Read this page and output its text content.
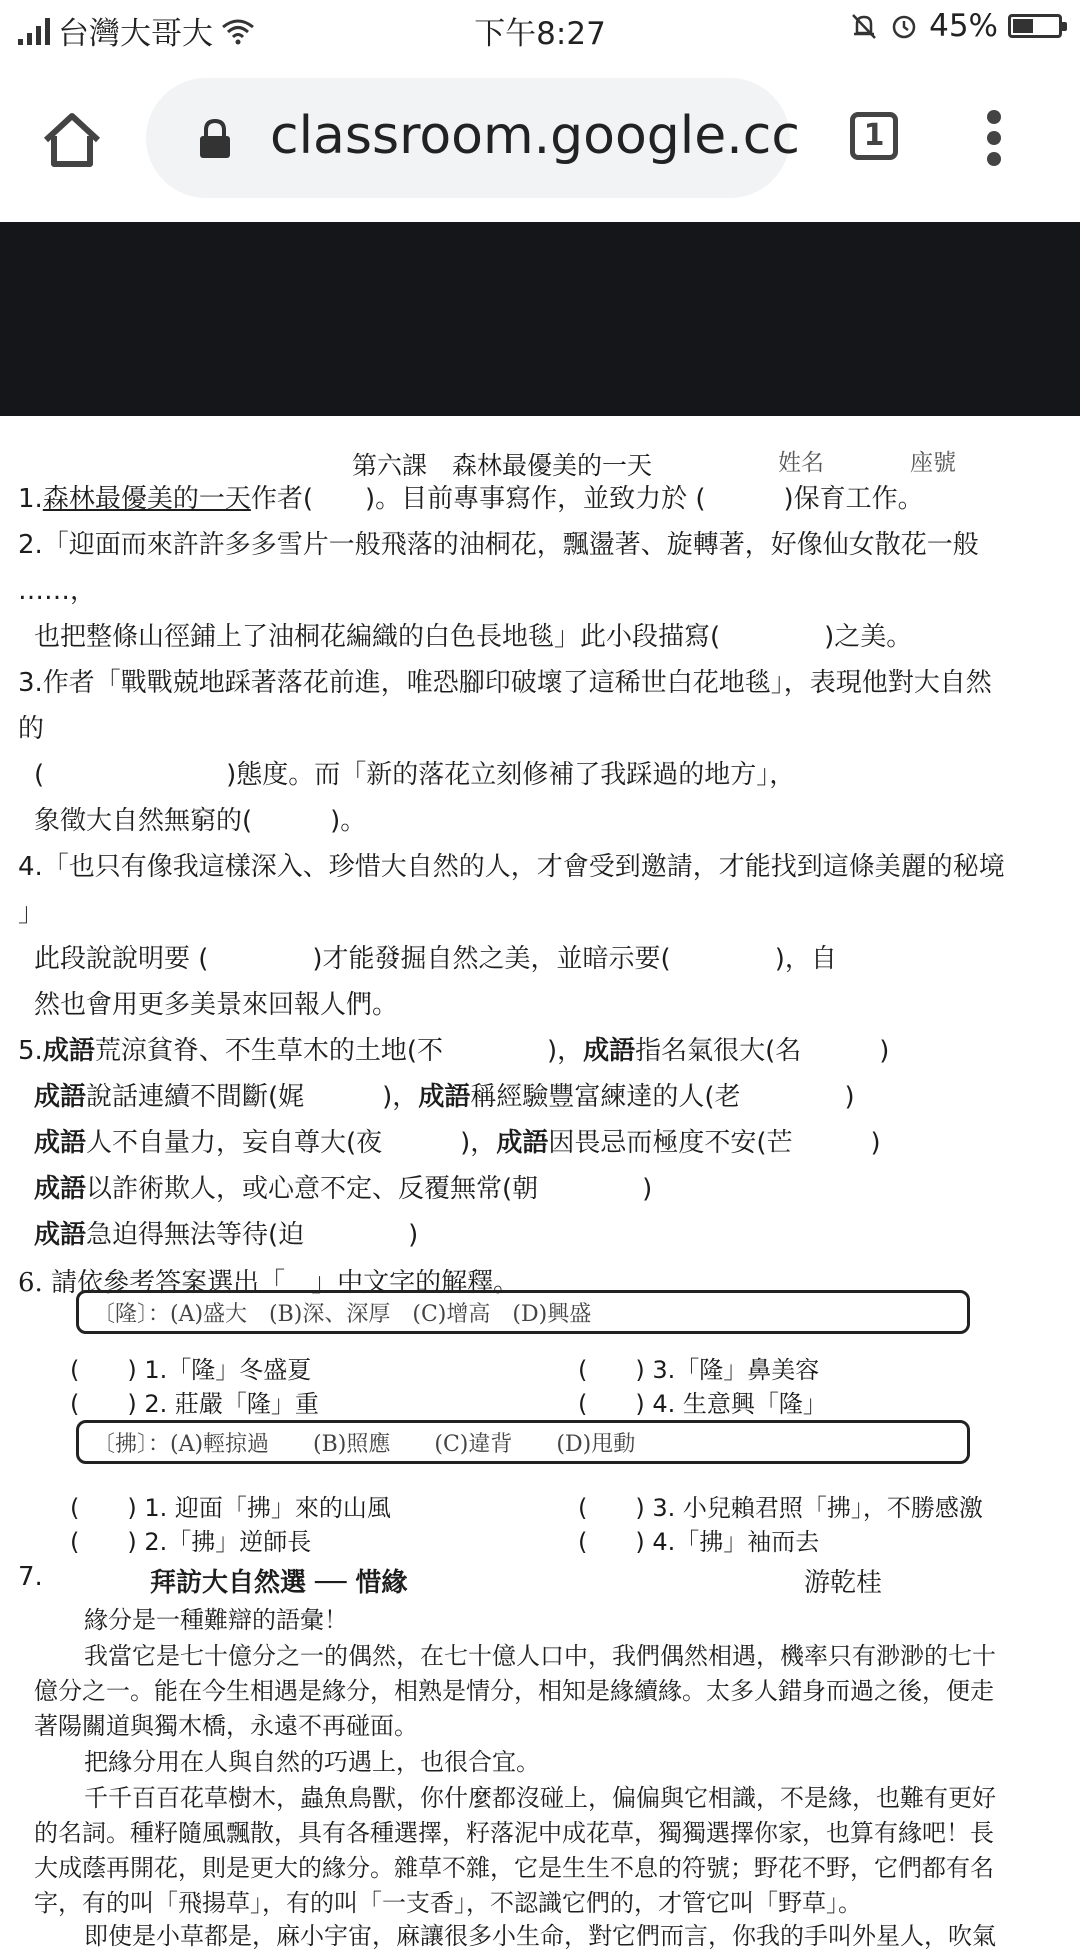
台灣大哥大	下午8:27	45%
classroom.google.cc	1
第六課　森林最優美的一天	姓名	座號
1.森林最優美的一天作者(　　)。目前專事寫作，並致力於 (　　　)保育工作。
2.「迎面而來許許多多雪片一般飛落的油桐花，飄盪著、旋轉著，好像仙女散花一般
……，
也把整條山徑鋪上了油桐花編織的白色長地毯」此小段描寫(　　　　)之美。
3.作者「戰戰兢地踩著落花前進，唯恐腳印破壞了這稀世白花地毯」，表現他對大自然
的
(　　　　　　　)態度。而「新的落花立刻修補了我踩過的地方」，
象徵大自然無窮的(　　　)。
4.「也只有像我這樣深入、珍惜大自然的人，才會受到邀請，才能找到這條美麗的秘境
」
此段說說明要 (　　　　)才能發掘自然之美，並暗示要(　　　　)，自
然也會用更多美景來回報人們。
5.成語荒涼貧脊、不生草木的土地(不　　　　)，成語指名氣很大(名　　　)
成語說話連續不間斷(娓　　　)，成語稱經驗豐富練達的人(老　　　　)
成語人不自量力，妄自尊大(夜　　　)，成語因畏忌而極度不安(芒　　　)
成語以詐術欺人，或心意不定、反覆無常(朝　　　　)
成語急迫得無法等待(迫　　　　)
6. 請依參考答案選出「　」中文字的解釋。
〔隆〕：(A)盛大　(B)深、深厚　(C)增高　(D)興盛
(　　) 1.「隆」冬盛夏	(　　) 3.「隆」鼻美容
(　　) 2. 莊嚴「隆」重	(　　) 4. 生意興「隆」
〔拂〕：(A)輕掠過　　(B)照應　　(C)違背　　(D)甩動
(　　) 1. 迎面「拂」來的山風	(　　) 3. 小兒賴君照「拂」，不勝感激
(　　) 2.「拂」逆師長	(　　) 4.「拂」袖而去
7.	拜訪大自然選 ── 惜緣	游乾桂
緣分是一種難辯的語彙！
我當它是七十億分之一的偶然，在七十億人口中，我們偶然相遇，機率只有渺渺的七十
億分之一。能在今生相遇是緣分，相熟是情分，相知是緣續緣。太多人錯身而過之後，便走
著陽關道與獨木橋，永遠不再碰面。
把緣分用在人與自然的巧遇上，也很合宜。
千千百百花草樹木，蟲魚鳥獸，你什麼都沒碰上，偏偏與它相識，不是緣，也難有更好
的名詞。種籽隨風飄散，具有各種選擇，籽落泥中成花草，獨獨選擇你家，也算有緣吧！長
大成蔭再開花，則是更大的緣分。雜草不雜，它是生生不息的符號；野花不野，它們都有名
字，有的叫「飛揚草」，有的叫「一支香」，不認識它們的，才管它叫「野草」。
即使是小草都是，麻小宇宙，麻讓很多小生命，對它們而言，你我的手叫外星人，吹氣
